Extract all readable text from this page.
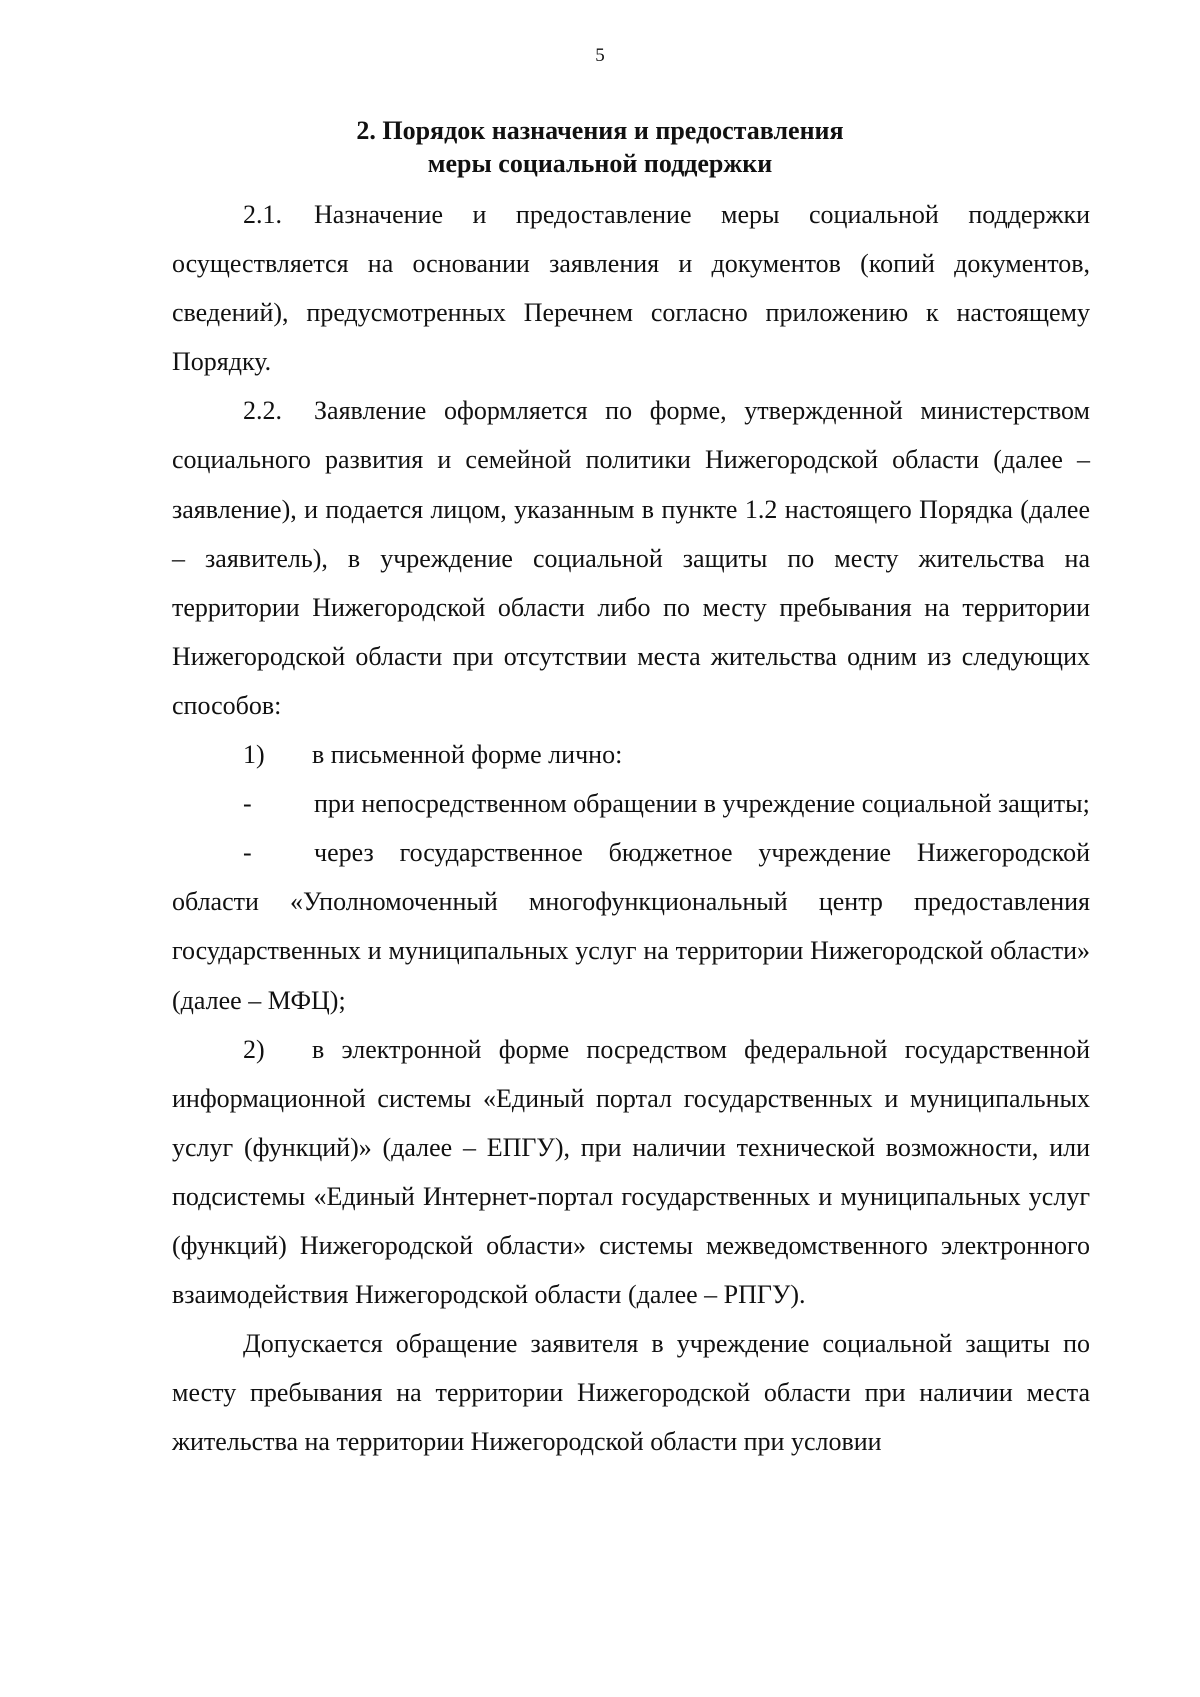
5
2. Порядок назначения и предоставления
меры социальной поддержки

2.1. Назначение и предоставление меры социальной поддержки осуществляется на основании заявления и документов (копий документов, сведений), предусмотренных Перечнем согласно приложению к настоящему Порядку.

2.2. Заявление оформляется по форме, утвержденной министерством социального развития и семейной политики Нижегородской области (далее – заявление), и подается лицом, указанным в пункте 1.2 настоящего Порядка (далее – заявитель), в учреждение социальной защиты по месту жительства на территории Нижегородской области либо по месту пребывания на территории Нижегородской области при отсутствии места жительства одним из следующих способов:

1) в письменной форме лично:

- при непосредственном обращении в учреждение социальной защиты;

- через государственное бюджетное учреждение Нижегородской области «Уполномоченный многофункциональный центр предоставления государственных и муниципальных услуг на территории Нижегородской области» (далее – МФЦ);

2) в электронной форме посредством федеральной государственной информационной системы «Единый портал государственных и муниципальных услуг (функций)» (далее – ЕПГУ), при наличии технической возможности, или подсистемы «Единый Интернет-портал государственных и муниципальных услуг (функций) Нижегородской области» системы межведомственного электронного взаимодействия Нижегородской области (далее – РПГУ).

Допускается обращение заявителя в учреждение социальной защиты по месту пребывания на территории Нижегородской области при наличии места жительства на территории Нижегородской области при условии
